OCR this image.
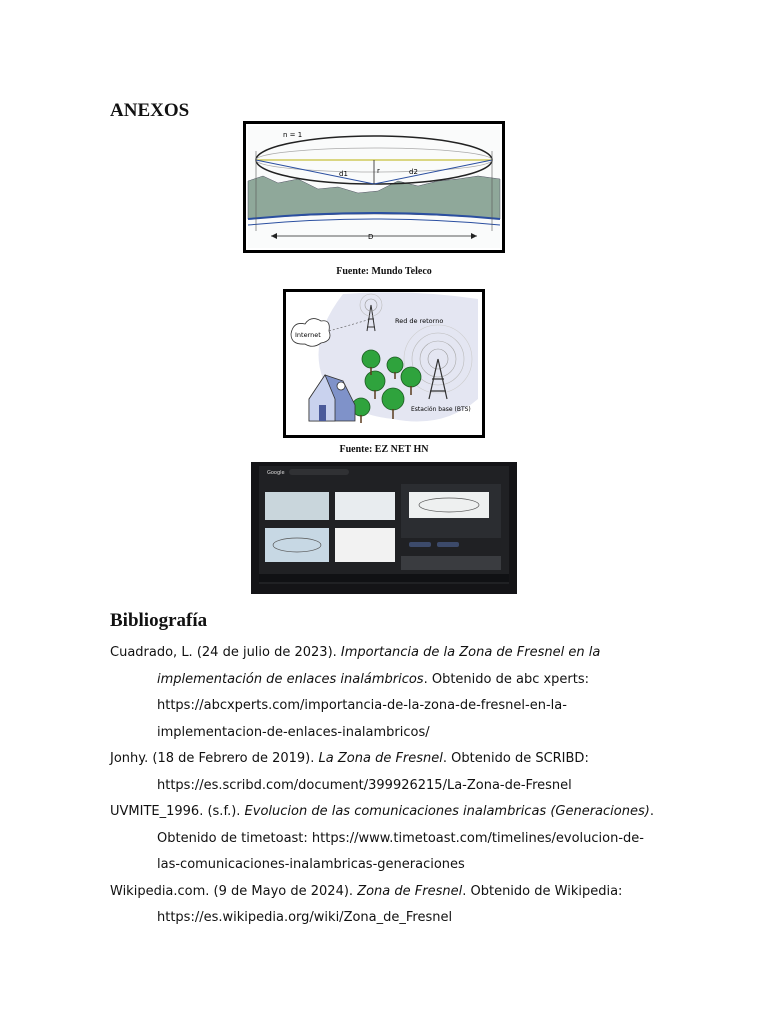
ANEXOS
n = 1
r
d1	d2
D
Fuente: Mundo Teleco
Internet
Red de retorno
Estación base (BTS)
Fuente: EZ NET HN
Google
Bibliografía
Cuadrado, L. (24 de julio de 2023). Importancia de la Zona de Fresnel en la
implementación de enlaces inalámbricos. Obtenido de abc xperts:
https://abcxperts.com/importancia-de-la-zona-de-fresnel-en-la-
implementacion-de-enlaces-inalambricos/
Jonhy. (18 de Febrero de 2019). La Zona de Fresnel. Obtenido de SCRIBD:
https://es.scribd.com/document/399926215/La-Zona-de-Fresnel
UVMITE_1996. (s.f.). Evolucion de las comunicaciones inalambricas (Generaciones).
Obtenido de timetoast: https://www.timetoast.com/timelines/evolucion-de-
las-comunicaciones-inalambricas-generaciones
Wikipedia.com. (9 de Mayo de 2024). Zona de Fresnel. Obtenido de Wikipedia:
https://es.wikipedia.org/wiki/Zona_de_Fresnel
